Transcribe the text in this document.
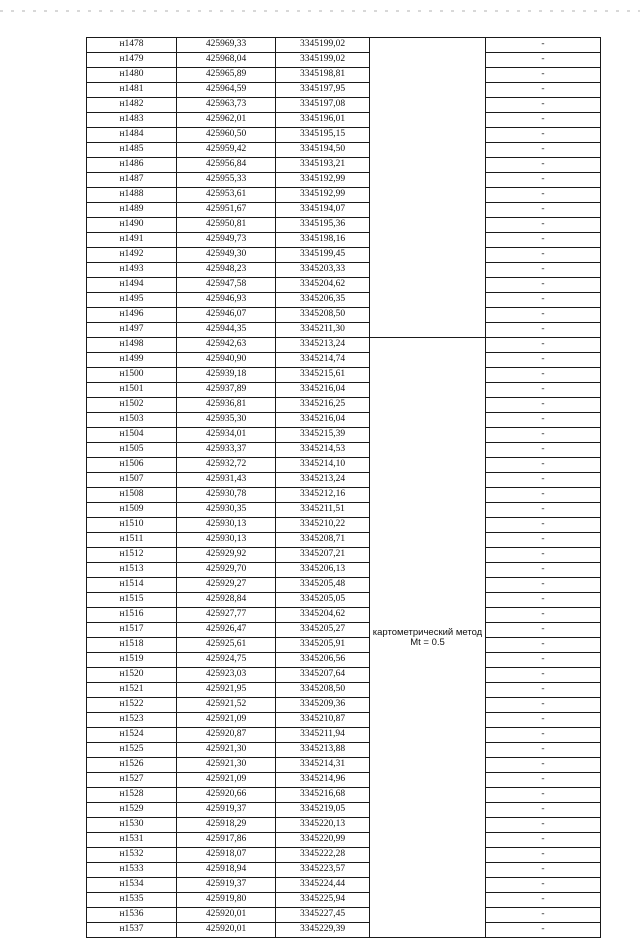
н1478	425969,33	3345199,02		-
н1479	425968,04	3345199,02		-
н1480	425965,89	3345198,81		-
н1481	425964,59	3345197,95		-
н1482	425963,73	3345197,08		-
н1483	425962,01	3345196,01		-
н1484	425960,50	3345195,15		-
н1485	425959,42	3345194,50		-
н1486	425956,84	3345193,21		-
н1487	425955,33	3345192,99		-
н1488	425953,61	3345192,99		-
н1489	425951,67	3345194,07		-
н1490	425950,81	3345195,36		-
н1491	425949,73	3345198,16		-
н1492	425949,30	3345199,45		-
н1493	425948,23	3345203,33		-
н1494	425947,58	3345204,62		-
н1495	425946,93	3345206,35		-
н1496	425946,07	3345208,50		-
н1497	425944,35	3345211,30		-
н1498	425942,63	3345213,24	картометрический метод Mt = 0.5	-
н1499	425940,90	3345214,74		-
н1500	425939,18	3345215,61		-
н1501	425937,89	3345216,04		-
н1502	425936,81	3345216,25		-
н1503	425935,30	3345216,04		-
н1504	425934,01	3345215,39		-
н1505	425933,37	3345214,53		-
н1506	425932,72	3345214,10		-
н1507	425931,43	3345213,24		-
н1508	425930,78	3345212,16		-
н1509	425930,35	3345211,51		-
н1510	425930,13	3345210,22		-
н1511	425930,13	3345208,71		-
н1512	425929,92	3345207,21		-
н1513	425929,70	3345206,13		-
н1514	425929,27	3345205,48		-
н1515	425928,84	3345205,05		-
н1516	425927,77	3345204,62		-
н1517	425926,47	3345205,27		-
н1518	425925,61	3345205,91		-
н1519	425924,75	3345206,56		-
н1520	425923,03	3345207,64		-
н1521	425921,95	3345208,50		-
н1522	425921,52	3345209,36		-
н1523	425921,09	3345210,87		-
н1524	425920,87	3345211,94		-
н1525	425921,30	3345213,88		-
н1526	425921,30	3345214,31		-
н1527	425921,09	3345214,96		-
н1528	425920,66	3345216,68		-
н1529	425919,37	3345219,05		-
н1530	425918,29	3345220,13		-
н1531	425917,86	3345220,99		-
н1532	425918,07	3345222,28		-
н1533	425918,94	3345223,57		-
н1534	425919,37	3345224,44		-
н1535	425919,80	3345225,94		-
н1536	425920,01	3345227,45		-
н1537	425920,01	3345229,39		-
